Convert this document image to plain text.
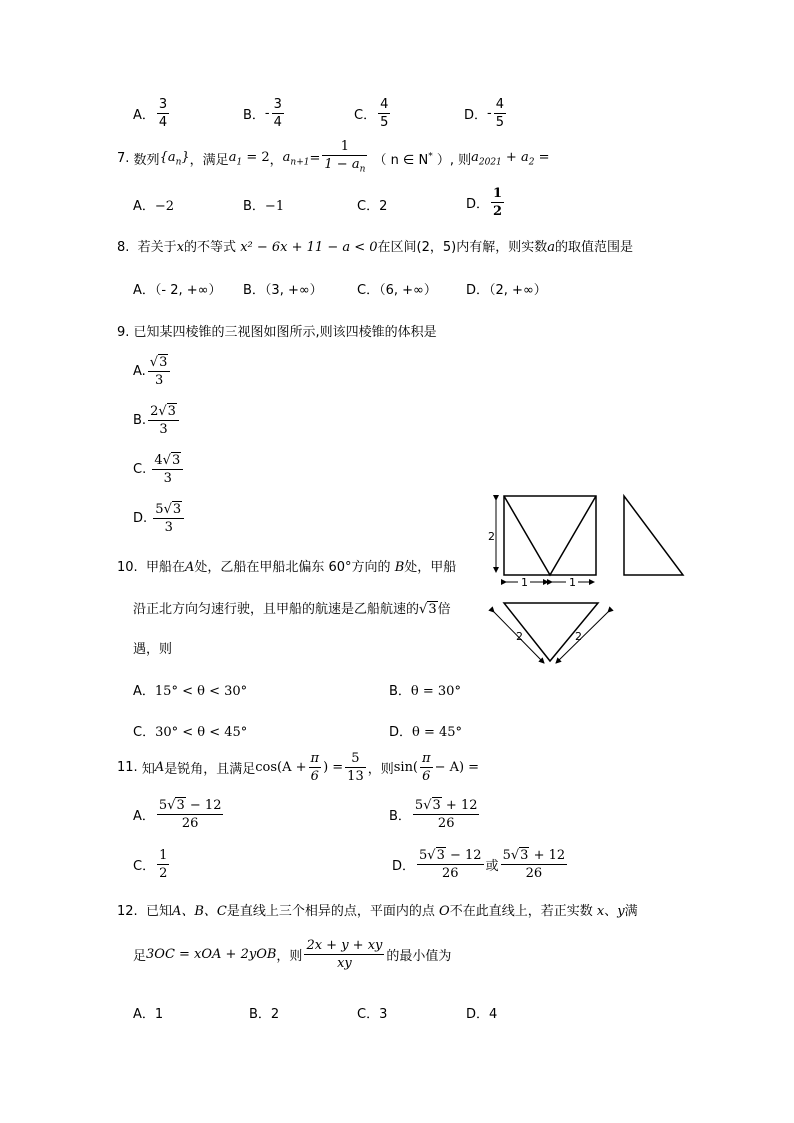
A． $\frac{3}{4}$	B． - $\frac{3}{4}$	C． $\frac{4}{5}$	D． - $\frac{4}{5}$
7.
数列 $\{a_n\}$ ，满足 $a_1 = 2$ ， $a_{n+1} = \frac{1}{1 - a_n}$ （ n ∈ N* ）, 则 $a_{2021} + a_2$ =
A．−2	B．−1	C．2	D． $\frac{1}{2}$
8. 若关于x的不等式 x² − 6x + 11 − a < 0在区间(2，5)内有解，则实数a的取值范围是
A．（- 2, +∞） B．（3, +∞）	C．（6, +∞） D．（2, +∞）
9. 已知某四棱锥的三视图如图所示,则该四棱锥的体积是
A. $\frac{√3}{3}$
B. $\frac{2√3}{3}$
C.
$\frac{4√3}{3}$
D.
$\frac{5√3}{3}$
2
1	1
2	2
10. 甲船在A处，乙船在甲船北偏东 60°方向的 B处，甲船
沿正北方向匀速行驶，且甲船的航速是乙船航速的√3倍
遇，则
A．15° < θ < 30°	B．θ = 30°
C．30° < θ < 45°	D．θ = 45°
11.
知 A 是锐角，且满足 $\cos(A + \frac{\pi}{6}$ ) = $\frac{5}{13}$ ，则 $\sin( \frac{\pi}{6} - A)$ =
A． $\frac{5√3 - 12}{26}$	B． $\frac{5√3 + 12}{26}$
C． $\frac{1}{2}$	D． $\frac{5√3 - 12}{26}$ 或 $\frac{5√3 + 12}{26}$
12. 已知A、B、C是直线上三个相异的点，平面内的点 O不在此直线上，若正实数 x、y满
足 3OC = xOA + 2yOB ，则 $\frac{2x + y + xy}{xy}$ 的最小值为
A．1	B．2	C．3	D．4
